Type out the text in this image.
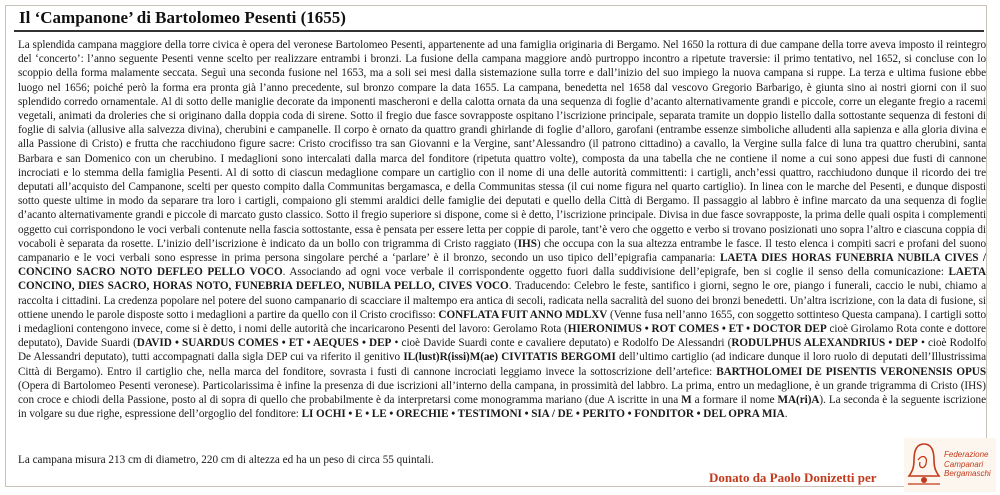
Il ‘Campanone’ di Bartolomeo Pesenti (1655)
La splendida campana maggiore della torre civica è opera del veronese Bartolomeo Pesenti, appartenente ad una famiglia originaria di Bergamo. Nel 1650 la rottura di due campane della torre aveva imposto il reintegro del ‘concerto’: l’anno seguente Pesenti venne scelto per realizzare entrambi i bronzi. La fusione della campana maggiore andò purtroppo incontro a ripetute traversie: il primo tentativo, nel 1652, si concluse con lo scoppio della forma malamente seccata. Seguì una seconda fusione nel 1653, ma a soli sei mesi dalla sistemazione sulla torre e dall’inizio del suo impiego la nuova campana si ruppe. La terza e ultima fusione ebbe luogo nel 1656; poiché però la forma era pronta già l’anno precedente, sul bronzo compare la data 1655. La campana, benedetta nel 1658 dal vescovo Gregorio Barbarigo, è giunta sino ai nostri giorni con il suo splendido corredo ornamentale. Al di sotto delle maniglie decorate da imponenti mascheroni e della calotta ornata da una sequenza di foglie d’acanto alternativamente grandi e piccole, corre un elegante fregio a racemi vegetali, animati da droleries che si originano dalla doppia coda di sirene. Sotto il fregio due fasce sovrapposte ospitano l’iscrizione principale, separata tramite un doppio listello dalla sottostante sequenza di festoni di foglie di salvia (allusive alla salvezza divina), cherubini e campanelle. Il corpo è ornato da quattro grandi ghirlande di foglie d’alloro, garofani (entrambe essenze simboliche alludenti alla sapienza e alla gloria divina e alla Passione di Cristo) e frutta che racchiudono figure sacre: Cristo crocifisso tra san Giovanni e la Vergine, sant’Alessandro (il patrono cittadino) a cavallo, la Vergine sulla falce di luna tra quattro cherubini, santa Barbara e san Domenico con un cherubino. I medaglioni sono intercalati dalla marca del fonditore (ripetuta quattro volte), composta da una tabella che ne contiene il nome a cui sono appesi due fusti di cannone incrociati e lo stemma della famiglia Pesenti. Al di sotto di ciascun medaglione compare un cartiglio con il nome di una delle autorità committenti: i cartigli, anch’essi quattro, racchiudono dunque il ricordo dei tre deputati all’acquisto del Campanone, scelti per questo compito dalla Communitas bergamasca, e della Communitas stessa (il cui nome figura nel quarto cartiglio). In linea con le marche del Pesenti, e dunque disposti sotto queste ultime in modo da separare tra loro i cartigli, compaiono gli stemmi araldici delle famiglie dei deputati e quello della Città di Bergamo. Il passaggio al labbro è infine marcato da una sequenza di foglie d’acanto alternativamente grandi e piccole di marcato gusto classico. Sotto il fregio superiore si dispone, come si è detto, l’iscrizione principale. Divisa in due fasce sovrapposte, la prima delle quali ospita i complementi oggetto cui corrispondono le voci verbali contenute nella fascia sottostante, essa è pensata per essere letta per coppie di parole, tant’è vero che oggetto e verbo si trovano posizionati uno sopra l’altro e ciascuna coppia di vocaboli è separata da rosette. L’inizio dell’iscrizione è indicato da un bollo con trigramma di Cristo raggiato (IHS) che occupa con la sua altezza entrambe le fasce. Il testo elenca i compiti sacri e profani del suono campanario e le voci verbali sono espresse in prima persona singolare perché a ‘parlare’ è il bronzo, secondo un uso tipico dell’epigrafia campanaria: LAETA DIES HORAS FUNEBRIA NUBILA CIVES / CONCINO SACRO NOTO DEFLEO PELLO VOCO. Associando ad ogni voce verbale il corrispondente oggetto fuori dalla suddivisione dell’epigrafe, ben si coglie il senso della comunicazione: LAETA CONCINO, DIES SACRO, HORAS NOTO, FUNEBRIA DEFLEO, NUBILA PELLO, CIVES VOCO. Traducendo: Celebro le feste, santifico i giorni, segno le ore, piango i funerali, caccio le nubi, chiamo a raccolta i cittadini. La credenza popolare nel potere del suono campanario di scacciare il maltempo era antica di secoli, radicata nella sacralità del suono dei bronzi benedetti. Un’altra iscrizione, con la data di fusione, si ottiene unendo le parole disposte sotto i medaglioni a partire da quello con il Cristo crocifisso: CONFLATA FUIT ANNO MDLXV (Venne fusa nell’anno 1655, con soggetto sottinteso Questa campana). I cartigli sotto i medaglioni contengono invece, come si è detto, i nomi delle autorità che incaricarono Pesenti del lavoro: Gerolamo Rota (HIERONIMUS • ROT COMES • ET • DOCTOR DEP cioè Girolamo Rota conte e dottore deputato), Davide Suardi (DAVID • SUARDUS COMES • ET • AEQUES • DEP • cioè Davide Suardi conte e cavaliere deputato) e Rodolfo De Alessandri (RODULPHUS ALEXANDRIUS • DEP • cioè Rodolfo De Alessandri deputato), tutti accompagnati dalla sigla DEP cui va riferito il genitivo IL(lust)R(issi)M(ae) CIVITATIS BERGOMI dell’ultimo cartiglio (ad indicare dunque il loro ruolo di deputati dell’Illustrissima Città di Bergamo). Entro il cartiglio che, nella marca del fonditore, sovrasta i fusti di cannone incrociati leggiamo invece la sottoscrizione dell’artefice: BARTHOLOMEI DE PISENTIS VERONENSIS OPUS (Opera di Bartolomeo Pesenti veronese). Particolarissima è infine la presenza di due iscrizioni all’interno della campana, in prossimità del labbro. La prima, entro un medaglione, è un grande trigramma di Cristo (IHS) con croce e chiodi della Passione, posto al di sopra di quello che probabilmente è da interpretarsi come monogramma mariano (due A iscritte in una M a formare il nome MA(ri)A). La seconda è la seguente iscrizione in volgare su due righe, espressione dell’orgoglio del fonditore: LI OCHI • E • LE • ORECHIE • TESTIMONI • SIA / DE • PERITO • FONDITOR • DEL OPRA MIA.
La campana misura 213 cm di diametro, 220 cm di altezza ed ha un peso di circa 55 quintali.
Donato da Paolo Donizetti per
Federazione
Campanari
Bergamaschi
